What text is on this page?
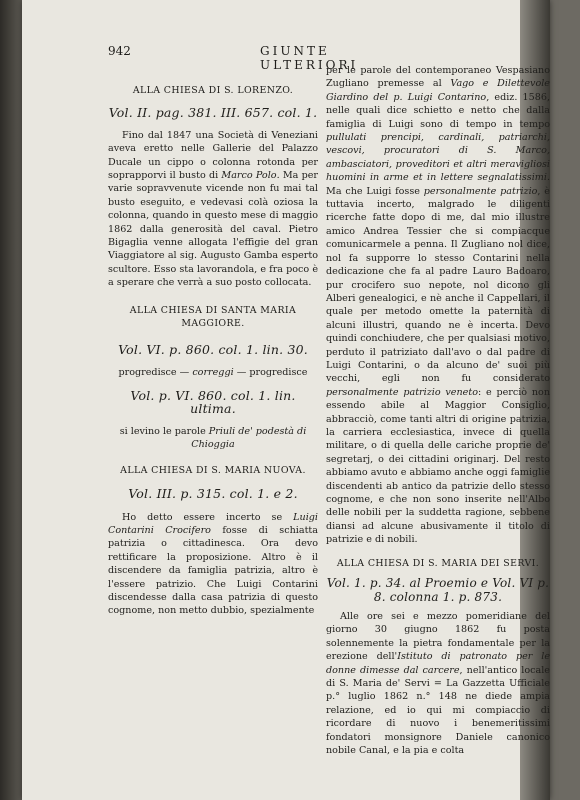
942	GIUNTE ULTERIORI

ALLA CHIESA DI S. LORENZO.

Vol. II. pag. 381. III. 657. col. 1.

Fino dal 1847 una Società di Veneziani aveva eretto nelle Gallerie del Palazzo Ducale un cippo o colonna rotonda per soprapporvi il busto di Marco Polo. Ma per varie sopravvenute vicende non fu mai tal busto eseguito, e vedevasi colà oziosa la colonna, quando in questo mese di maggio 1862 dalla generosità del caval. Pietro Bigaglia venne allogata l'effigie del gran Viaggiatore al sig. Augusto Gamba esperto scultore. Esso sta lavorandola, e fra poco è a sperare che verrà a suo posto collocata.

ALLA CHIESA DI SANTA MARIA MAGGIORE.

Vol. VI. p. 860. col. 1. lin. 30.

progredisce — correggi — progredisce

Vol. p. VI. 860. col. 1. lin. ultima.

si levino le parole Priuli de' podestà di Chioggia

ALLA CHIESA DI S. MARIA NUOVA.

Vol. III. p. 315. col. 1. e 2.

Ho detto essere incerto se Luigi Contarini Crocifero fosse di schiatta patrizia o cittadinesca. Ora devo rettificare la proposizione. Altro è il discendere da famiglia patrizia, altro è l'essere patrizio. Che Luigi Contarini discendesse dalla casa patrizia di questo cognome, non metto dubbio, spezialmente

per le parole del contemporaneo Vespasiano Zugliano premesse al Vago e Dilettevole Giardino del p. Luigi Contarino, ediz. 1586, nelle quali dice schietto e netto che dalla famiglia di Luigi sono di tempo in tempo pullulati prencipi, cardinali, patriarchi, vescovi, procuratori di S. Marco, ambasciatori, proveditori et altri meravigliosi huomini in arme et in lettere segnalatissimi. Ma che Luigi fosse personalmente patrizio, è tuttavia incerto, malgrado le diligenti ricerche fatte dopo di me, dal mio illustre amico Andrea Tessier che si compiacque comunicarmele a penna. Il Zugliano nol dice, nol fa supporre lo stesso Contarini nella dedicazione che fa al padre Lauro Badoaro, pur crocifero suo nepote, nol dicono gli Alberi genealogici, e nè anche il Cappellari, il quale per metodo omette la paternità di alcuni illustri, quando ne è incerta. Devo quindi conchiudere, che per qualsiasi motivo, perduto il patriziato dall'avo o dal padre di Luigi Contarini, o da alcuno de' suoi più vecchi, egli non fu considerato personalmente patrizio veneto: e perciò non essendo abile al Maggior Consiglio, abbracciò, come tanti altri di origine patrizia, la carriera ecclesiastica, invece di quella militare, o di quella delle cariche proprie de' segretarj, o dei cittadini originarj. Del resto abbiamo avuto e abbiamo anche oggi famiglie discendenti ab antico da patrizie dello stesso cognome, e che non sono inserite nell'Albo delle nobili per la suddetta ragione, sebbene diansi ad alcune abusivamente il titolo di patrizie e di nobili.

ALLA CHIESA DI S. MARIA DEI SERVI.

Vol. 1. p. 34. al Proemio e Vol. VI p. 8. colonna 1. p. 873.

Alle ore sei e mezzo pomeridiane del giorno 30 giugno 1862 fu posta solennemente la pietra fondamentale per la erezione dell'Istituto di patronato per le donne dimesse dal carcere, nell'antico locale di S. Maria de' Servi = La Gazzetta Ufficiale p.° luglio 1862 n.° 148 ne diede ampia relazione, ed io qui mi compiaccio di ricordare di nuovo i benemeritissimi fondatori monsignore Daniele canonico nobile Canal, e la pia e colta
